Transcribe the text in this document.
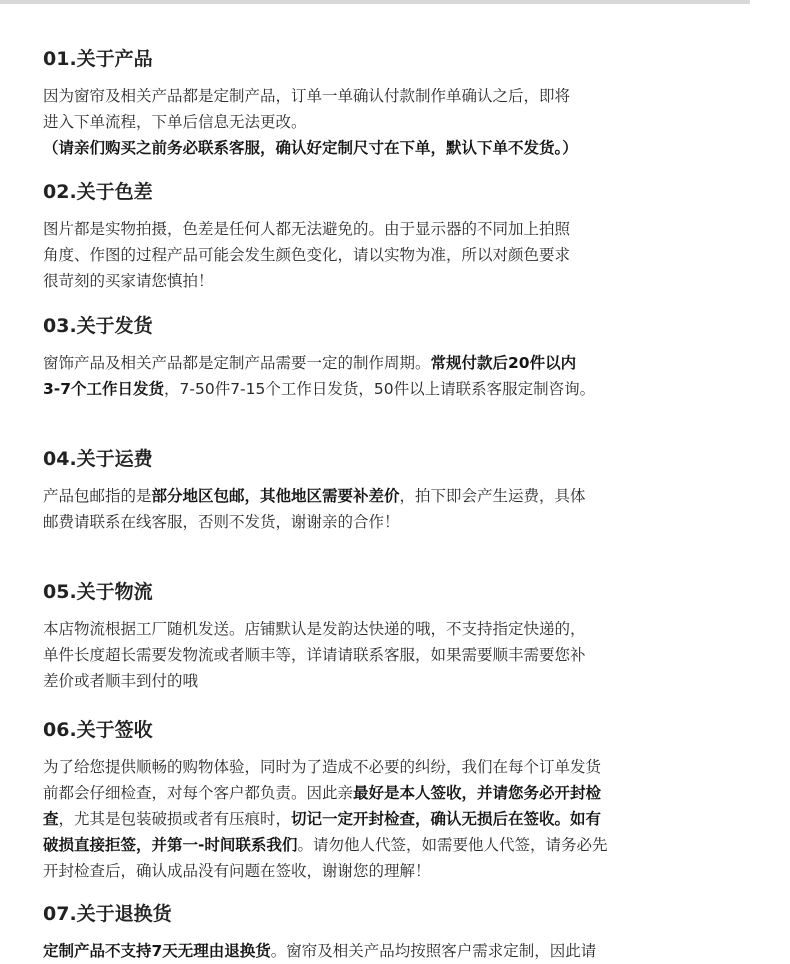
01.关于产品
因为窗帘及相关产品都是定制产品，订单一单确认付款制作单确认之后，即将
进入下单流程，下单后信息无法更改。
（请亲们购买之前务必联系客服，确认好定制尺寸在下单，默认下单不发货。）
02.关于色差
图片都是实物拍摄，色差是任何人都无法避免的。由于显示器的不同加上拍照
角度、作图的过程产品可能会发生颜色变化，请以实物为准，所以对颜色要求
很苛刻的买家请您慎拍！
03.关于发货
窗饰产品及相关产品都是定制产品需要一定的制作周期。常规付款后20件以内
3-7个工作日发货，7-50件7-15个工作日发货，50件以上请联系客服定制咨询。
04.关于运费
产品包邮指的是部分地区包邮，其他地区需要补差价，拍下即会产生运费，具体
邮费请联系在线客服，否则不发货，谢谢亲的合作！
05.关于物流
本店物流根据工厂随机发送。店铺默认是发韵达快递的哦，不支持指定快递的，
单件长度超长需要发物流或者顺丰等，详请请联系客服，如果需要顺丰需要您补
差价或者顺丰到付的哦
06.关于签收
为了给您提供顺畅的购物体验，同时为了造成不必要的纠纷，我们在每个订单发货
前都会仔细检查，对每个客户都负责。因此亲最好是本人签收，并请您务必开封检
查，尤其是包装破损或者有压痕时，切记一定开封检查，确认无损后在签收。如有
破损直接拒签，并第一-时间联系我们。请勿他人代签，如需要他人代签，请务必先
开封检查后，确认成品没有问题在签收，谢谢您的理解！
07.关于退换货
定制产品不支持7天无理由退换货。窗帘及相关产品均按照客户需求定制，因此请
